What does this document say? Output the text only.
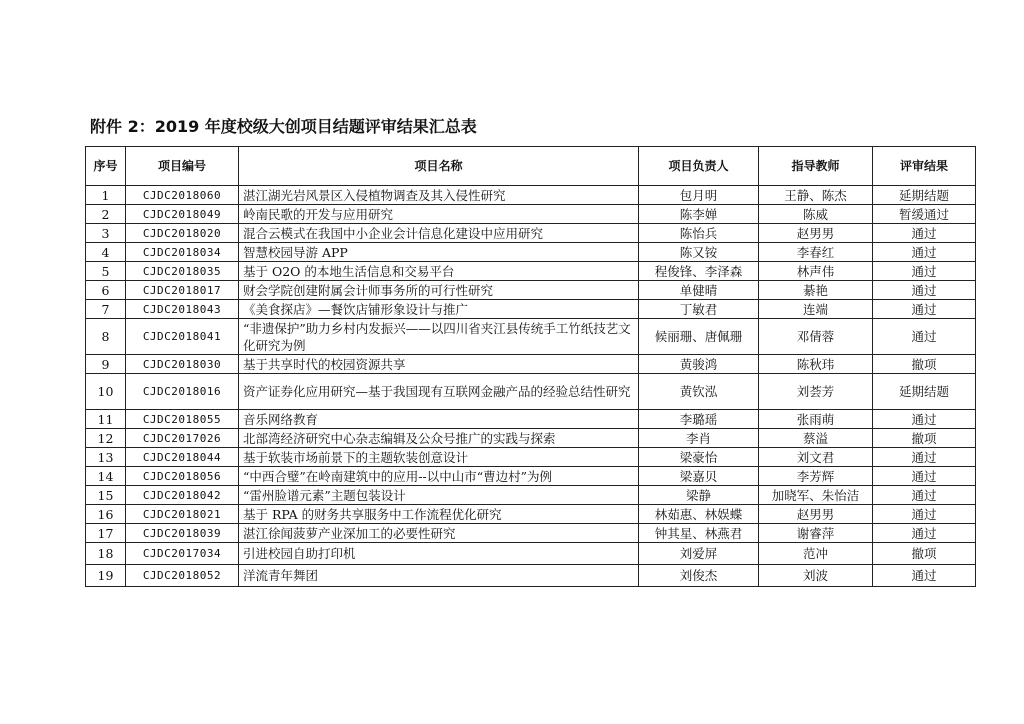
附件 2：2019 年度校级大创项目结题评审结果汇总表
序号	项目编号	项目名称	项目负责人	指导教师	评审结果
1	CJDC2018060	湛江湖光岩风景区入侵植物调查及其入侵性研究	包月明	王静、陈杰	延期结题
2	CJDC2018049	岭南民歌的开发与应用研究	陈李婵	陈威	暂缓通过
3	CJDC2018020	混合云模式在我国中小企业会计信息化建设中应用研究	陈怡兵	赵男男	通过
4	CJDC2018034	智慧校园导游 APP	陈又铵	李春红	通过
5	CJDC2018035	基于 O2O 的本地生活信息和交易平台	程俊锋、李泽森	林声伟	通过
6	CJDC2018017	财会学院创建附属会计师事务所的可行性研究	单健晴	綦艳	通过
7	CJDC2018043	《美食探店》—餐饮店铺形象设计与推广	丁敏君	连端	通过
8	CJDC2018041	“非遗保护”助力乡村内发振兴——以四川省夹江县传统手工竹纸技艺文化研究为例	候丽珊、唐佩珊	邓倩蓉	通过
9	CJDC2018030	基于共享时代的校园资源共享	黄骏鸿	陈秋玮	撤项
10	CJDC2018016	资产证券化应用研究—基于我国现有互联网金融产品的经验总结性研究	黄钦泓	刘荟芳	延期结题
11	CJDC2018055	音乐网络教育	李璐瑶	张雨萌	通过
12	CJDC2017026	北部湾经济研究中心杂志编辑及公众号推广的实践与探索	李肖	蔡溢	撤项
13	CJDC2018044	基于软装市场前景下的主题软装创意设计	梁豪怡	刘文君	通过
14	CJDC2018056	“中西合璧”在岭南建筑中的应用--以中山市“曹边村”为例	梁嘉贝	李芳辉	通过
15	CJDC2018042	“雷州脸谱元素”主题包装设计	梁静	加晓军、朱怡洁	通过
16	CJDC2018021	基于 RPA 的财务共享服务中工作流程优化研究	林茹惠、林娱蝶	赵男男	通过
17	CJDC2018039	湛江徐闻菠萝产业深加工的必要性研究	钟其星、林燕君	谢睿萍	通过
18	CJDC2017034	引进校园自助打印机	刘爱屏	范冲	撤项
19	CJDC2018052	洋流青年舞团	刘俊杰	刘波	通过
